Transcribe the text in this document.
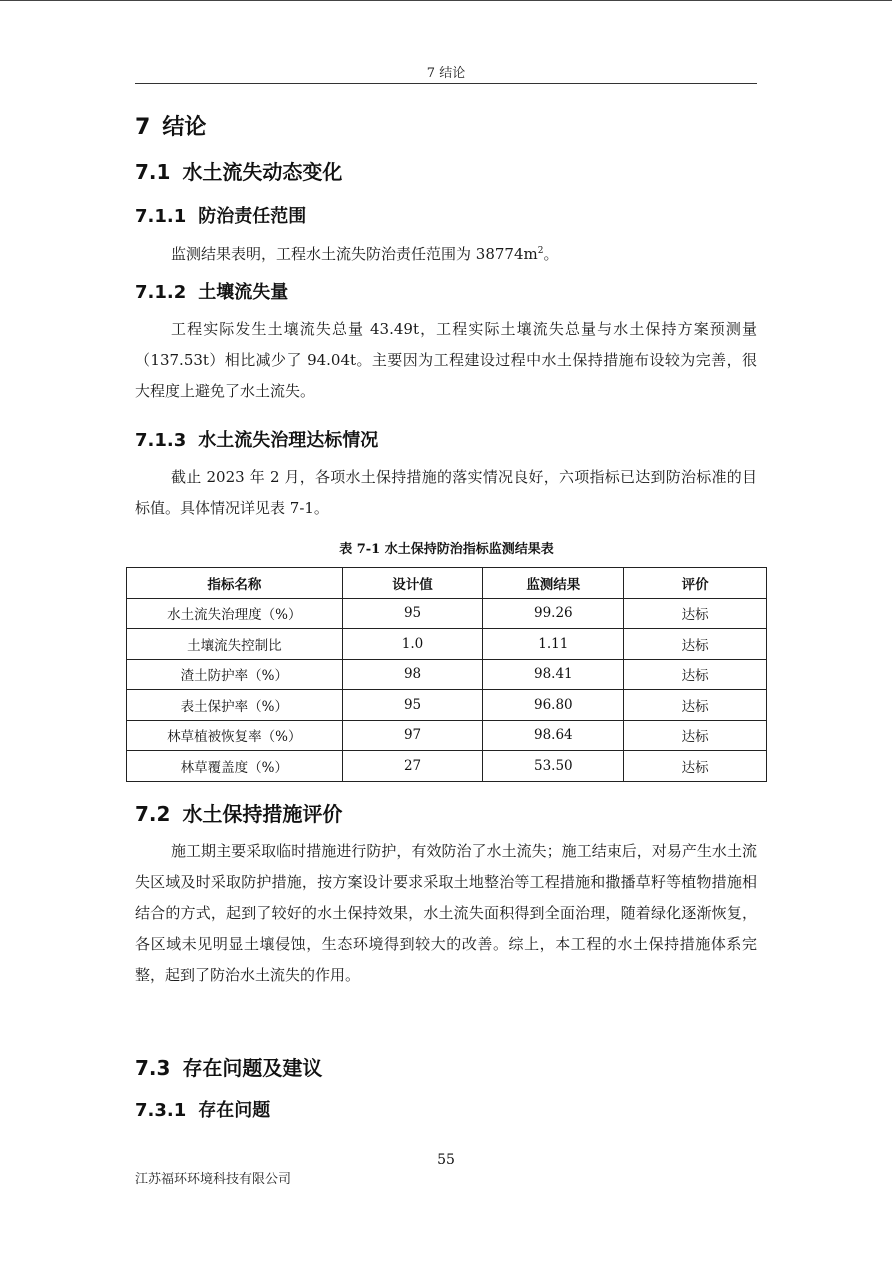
7 结论
7 结论
7.1 水土流失动态变化
7.1.1 防治责任范围
监测结果表明，工程水土流失防治责任范围为 $38774m^2$。
7.1.2 土壤流失量
工程实际发生土壤流失总量 43.49t，工程实际土壤流失总量与水土保持方案预测量（137.53t）相比减少了 94.04t。主要因为工程建设过程中水土保持措施布设较为完善，很大程度上避免了水土流失。
7.1.3 水土流失治理达标情况
截止 2023 年 2 月，各项水土保持措施的落实情况良好，六项指标已达到防治标准的目标值。具体情况详见表 7-1。
表 7-1 水土保持防治指标监测结果表
指标名称	设计值	监测结果	评价
水土流失治理度（%）	95	99.26	达标
土壤流失控制比	1.0	1.11	达标
渣土防护率（%）	98	98.41	达标
表土保护率（%）	95	96.80	达标
林草植被恢复率（%）	97	98.64	达标
林草覆盖度（%）	27	53.50	达标
7.2 水土保持措施评价
施工期主要采取临时措施进行防护，有效防治了水土流失；施工结束后，对易产生水土流失区域及时采取防护措施，按方案设计要求采取土地整治等工程措施和撒播草籽等植物措施相结合的方式，起到了较好的水土保持效果，水土流失面积得到全面治理，随着绿化逐渐恢复，各区域未见明显土壤侵蚀，生态环境得到较大的改善。综上，本工程的水土保持措施体系完整，起到了防治水土流失的作用。
7.3 存在问题及建议
7.3.1 存在问题
55
江苏福环环境科技有限公司
